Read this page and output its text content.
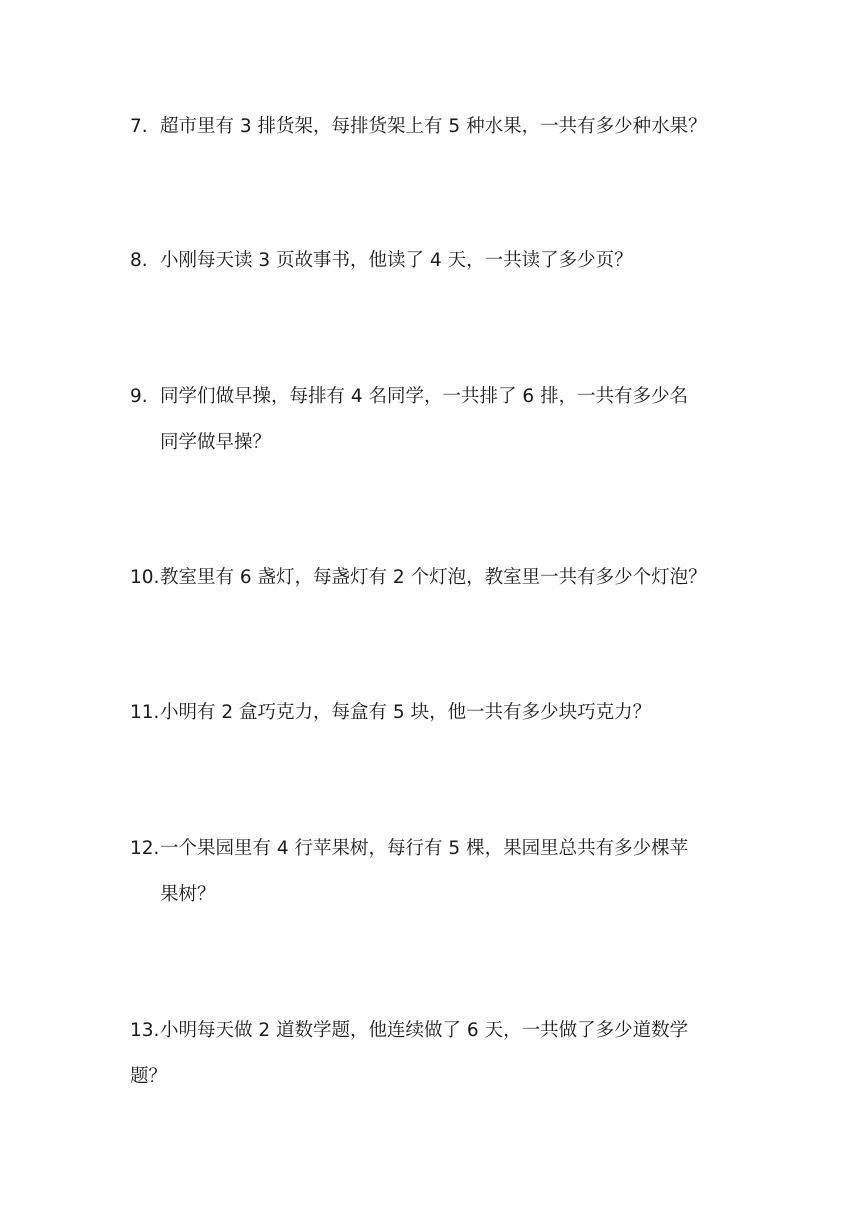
7. 超市里有 3 排货架，每排货架上有 5 种水果，一共有多少种水果？

8. 小刚每天读 3 页故事书，他读了 4 天，一共读了多少页？

9. 同学们做早操，每排有 4 名同学，一共排了 6 排，一共有多少名
同学做早操？

10.教室里有 6 盏灯，每盏灯有 2 个灯泡，教室里一共有多少个灯泡？

11.小明有 2 盒巧克力，每盒有 5 块，他一共有多少块巧克力？

12.一个果园里有 4 行苹果树，每行有 5 棵，果园里总共有多少棵苹
果树？

13.小明每天做 2 道数学题，他连续做了 6 天，一共做了多少道数学
题？
